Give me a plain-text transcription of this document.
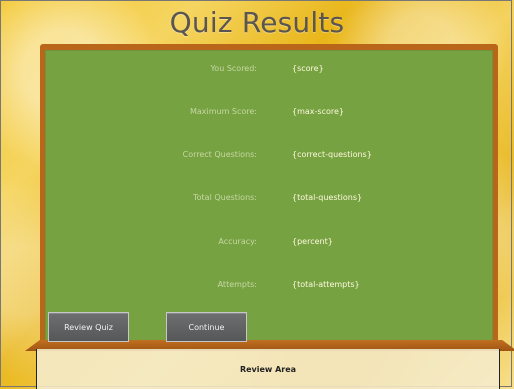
Quiz Results
You Scored:	{score}
Maximum Score:	{max-score}
Correct Questions:	{correct-questions}
Total Questions:	{total-questions}
Accuracy:	{percent}
Attempts:	{total-attempts}
Review Quiz	Continue
Review Area
